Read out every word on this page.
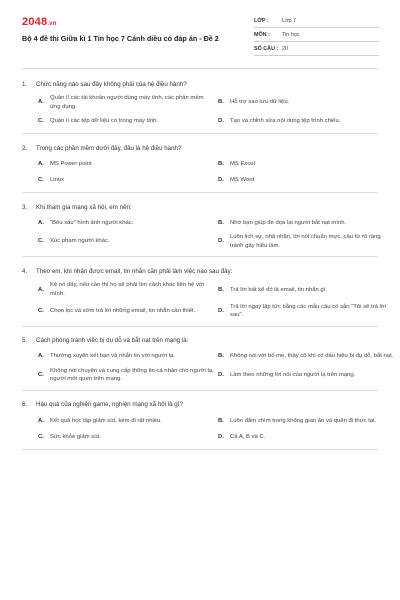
2048.vn
Bộ 4 đề thi Giữa kì 1 Tin học 7 Cánh diều có đáp án - Đề 2
LỚP :	Lớp 7
MÔN :	Tin học
SỐ CÂU : 20
1.	Chức năng nào sau đây không phải của hệ điều hành?
A.
Quản lí các tài khoản người dùng máy tính, các phần mềm ứng dụng.
B.	Hỗ trợ sao lưu dữ liệu.
C.	Quản lí các tệp dữ liệu có trong máy tính.	D.	Tạo và chỉnh sửa nội dung tệp trình chiếu.
2.	Trong các phần mềm dưới đây, đâu là hệ điều hành?
A.	MS Power point	B.	MS Excel
C.	Linux	D.	MS Word
3.	Khi tham gia mạng xã hội, em nên:
A.	"Bêu xấu" hình ảnh người khác.	B.	Nhờ bạn giúp đe dọa lại người bắt nạt mình.
C.	Xúc phạm người khác.	D.
Luôn lịch sự, nhã nhặn, lời nói chuẩn mực, câu từ rõ ràng tránh gây hiểu lầm.
4.	Theo em, khi nhận được email, tin nhắn cần phải làm việc nào sau đây:
A.
Kệ nó đấy, nếu cần thì họ sẽ phải tìm cách khác liên hệ với mình.
B.	Trả lời bất kể đó là email, tin nhắn gì.
C.	Chọn lọc và sớm trả lời những email, tin nhắn cần thiết.	D.
Trả lời ngay lập tức bằng các mẫu câu có sẵn "Tôi sẽ trả lời sau".
5.	Cách phòng tránh việc bị dụ dỗ và bắt nạt trên mạng là:
A.	Thường xuyên kết bạn và nhắn tin với người lạ.	B.	Không nói với bố mẹ, thầy cô khi có dấu hiệu bị dụ dỗ, bắt nạt.
C.
Không nói chuyện và cung cấp thông tin cá nhân cho người lạ, người mới quen trên mạng.
D.	Làm theo những lời nói của người lạ trên mạng.
6.	Hậu quả của nghiện game, nghiện mạng xã hội là gì?
A.	Kết quả học tập giảm sút, kém đi rất nhiều.	B.	Luôn đắm chìm trong không gian ảo và quên đi thực tại.
C.	Sức khỏe giảm sút.	D.	Cả A, B và C.
